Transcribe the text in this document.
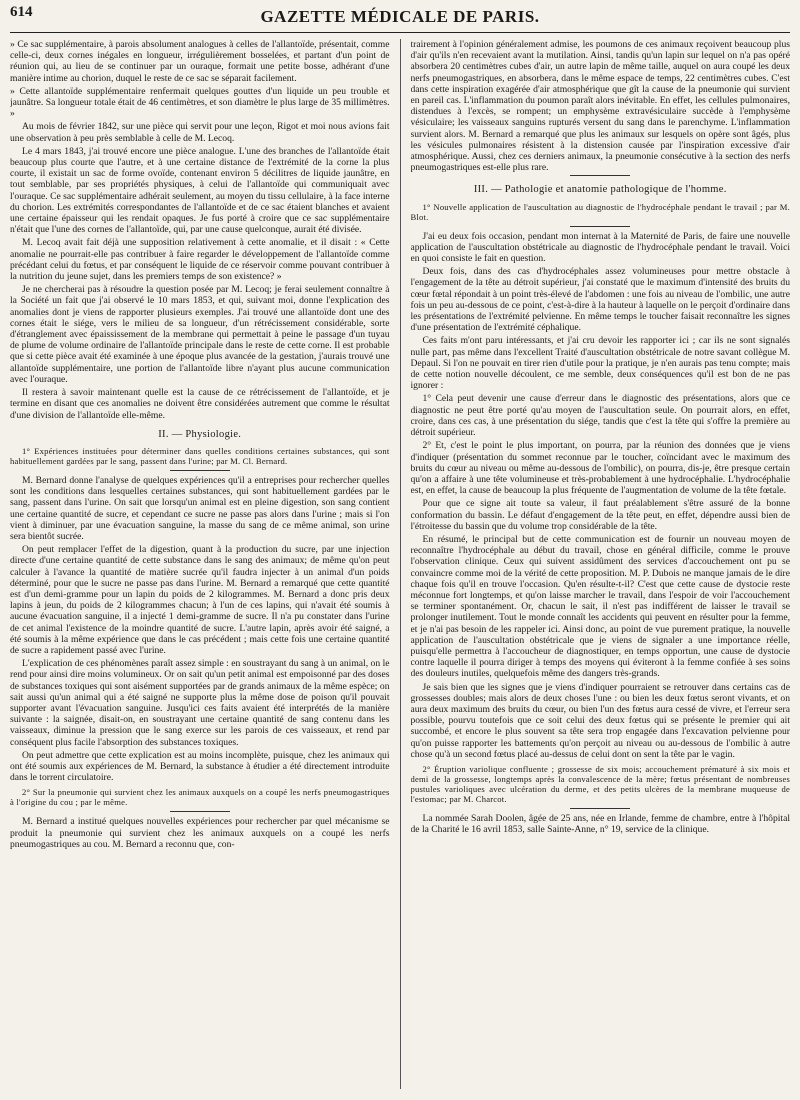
614	GAZETTE MÉDICALE DE PARIS.

» Ce sac supplémentaire, à parois absolument analogues à celles de l'allantoïde, présentait, comme celle-ci, deux cornes inégales en longueur, irrégulièrement bosselées, et partant d'un point de réunion qui, au lieu de se continuer par un ouraque, formait une petite bosse, adhérant d'une manière intime au chorion, duquel le reste de ce sac se séparait facilement.

» Cette allantoïde supplémentaire renfermait quelques gouttes d'un liquide un peu trouble et jaunâtre. Sa longueur totale était de 46 centimètres, et son diamètre le plus large de 35 millimètres. »

Au mois de février 1842, sur une pièce qui servit pour une leçon, Rigot et moi nous avions fait une observation à peu près semblable à celle de M. Lecoq.

Le 4 mars 1843, j'ai trouvé encore une pièce analogue. L'une des branches de l'allantoïde était beaucoup plus courte que l'autre, et à une certaine distance de l'extrémité de la corne la plus courte, il existait un sac de forme ovoïde, contenant environ 5 décilitres de liquide jaunâtre, en tout semblable, par ses propriétés physiques, à celui de l'allantoïde qui communiquait avec l'ouraque. Ce sac supplémentaire adhérait seulement, au moyen du tissu cellulaire, à la face interne du chorion. Les extrémités correspondantes de l'allantoïde et de ce sac étaient blanches et avaient une certaine épaisseur qui les rendait opaques. Je fus porté à croire que ce sac supplémentaire n'était que l'une des cornes de l'allantoïde, qui, par une cause quelconque, aurait été divisée.

M. Lecoq avait fait déjà une supposition relativement à cette anomalie, et il disait : « Cette anomalie ne pourrait-elle pas contribuer à faire regarder le développement de l'allantoïde comme précédant celui du fœtus, et par conséquent le liquide de ce réservoir comme pouvant contribuer à la nutrition du jeune sujet, dans les premiers temps de son existence? »

Je ne chercherai pas à résoudre la question posée par M. Lecoq; je ferai seulement connaître à la Société un fait que j'ai observé le 10 mars 1853, et qui, suivant moi, donne l'explication des anomalies dont je viens de rapporter plusieurs exemples. J'ai trouvé une allantoïde dont une des cornes était le siége, vers le milieu de sa longueur, d'un rétrécissement considérable, sorte d'étranglement avec épaississement de la membrane qui permettait à peine le passage d'un tuyau de plume de volume ordinaire de l'allantoïde principale dans le reste de cette corne. Il est probable que si cette pièce avait été examinée à une époque plus avancée de la gestation, j'aurais trouvé une allantoïde supplémentaire, une portion de l'allantoïde libre n'ayant plus aucune communication avec l'ouraque.

Il restera à savoir maintenant quelle est la cause de ce rétrécissement de l'allantoïde, et je termine en disant que ces anomalies ne doivent être considérées autrement que comme le résultat d'une division de l'allantoïde elle-même.

II. — Physiologie.
1° Expériences instituées pour déterminer dans quelles conditions certaines substances, qui sont habituellement gardées par le sang, passent dans l'urine; par M. Cl. Bernard.

M. Bernard donne l'analyse de quelques expériences qu'il a entreprises pour rechercher quelles sont les conditions dans lesquelles certaines substances, qui sont habituellement gardées par le sang, passent dans l'urine. On sait que lorsqu'un animal est en pleine digestion, son sang contient une certaine quantité de sucre, et cependant ce sucre ne passe pas alors dans l'urine ; mais si l'on vient à diminuer, par une évacuation sanguine, la masse du sang de ce même animal, son urine sera bientôt sucrée.

On peut remplacer l'effet de la digestion, quant à la production du sucre, par une injection directe d'une certaine quantité de cette substance dans le sang des animaux; de même qu'on peut calculer à l'avance la quantité de matière sucrée qu'il faudra injecter à un animal d'un poids déterminé, pour que le sucre ne passe pas dans l'urine. M. Bernard a remarqué que cette quantité est d'un demi-gramme pour un lapin du poids de 2 kilogrammes. M. Bernard a donc pris deux lapins à jeun, du poids de 2 kilogrammes chacun; à l'un de ces lapins, qui n'avait été soumis à aucune évacuation sanguine, il a injecté 1 demi-gramme de sucre. Il n'a pu constater dans l'urine de cet animal l'existence de la moindre quantité de sucre. L'autre lapin, après avoir été saigné, a été soumis à la même expérience que dans le cas précédent ; mais cette fois une certaine quantité de sucre a rapidement passé avec l'urine.

L'explication de ces phénomènes paraît assez simple : en soustrayant du sang à un animal, on le rend pour ainsi dire moins volumineux. Or on sait qu'un petit animal est empoisonné par des doses de substances toxiques qui sont aisément supportées par de grands animaux de la même espèce; on sait aussi qu'un animal qui a été saigné ne supporte plus la même dose de poison qu'il pouvait supporter avant l'évacuation sanguine. Jusqu'ici ces faits avaient été interprétés de la manière suivante : la saignée, disait-on, en soustrayant une certaine quantité de sang contenu dans les vaisseaux, diminue la pression que le sang exerce sur les parois de ces vaisseaux, et rend par conséquent plus facile l'absorption des substances toxiques.

On peut admettre que cette explication est au moins incomplète, puisque, chez les animaux qui ont été soumis aux expériences de M. Bernard, la substance à étudier a été directement introduite dans le torrent circulatoire.

2° Sur la pneumonie qui survient chez les animaux auxquels on a coupé les nerfs pneumogastriques à l'origine du cou ; par le même.

M. Bernard a institué quelques nouvelles expériences pour rechercher par quel mécanisme se produit la pneumonie qui survient chez les animaux auxquels on a coupé les nerfs pneumogastriques au cou. M. Bernard a reconnu que, con-

trairement à l'opinion généralement admise, les poumons de ces animaux reçoivent beaucoup plus d'air qu'ils n'en recevaient avant la mutilation. Ainsi, tandis qu'un lapin sur lequel on n'a pas opéré absorbera 20 centimètres cubes d'air, un autre lapin de même taille, auquel on aura coupé les deux nerfs pneumogastriques, en absorbera, dans le même espace de temps, 22 centimètres cubes. C'est dans cette inspiration exagérée d'air atmosphérique que gît la cause de la pneumonie qui survient en pareil cas. L'inflammation du poumon paraît alors inévitable. En effet, les cellules pulmonaires, distendues à l'excès, se rompent; un emphysème extravésiculaire succède à l'emphysème vésiculaire; les vaisseaux sanguins rupturés versent du sang dans le parenchyme. L'inflammation survient alors. M. Bernard a remarqué que plus les animaux sur lesquels on opère sont âgés, plus les vésicules pulmonaires résistent à la distension causée par l'inspiration excessive d'air atmosphérique. Aussi, chez ces derniers animaux, la pneumonie consécutive à la section des nerfs pneumogastriques est-elle plus rare.

III. — Pathologie et anatomie pathologique de l'homme.
1° Nouvelle application de l'auscultation au diagnostic de l'hydrocéphale pendant le travail ; par M. Blot.

J'ai eu deux fois occasion, pendant mon internat à la Maternité de Paris, de faire une nouvelle application de l'auscultation obstétricale au diagnostic de l'hydrocéphale pendant le travail. Voici en quoi consiste le fait en question.

Deux fois, dans des cas d'hydrocéphales assez volumineuses pour mettre obstacle à l'engagement de la tête au détroit supérieur, j'ai constaté que le maximum d'intensité des bruits du cœur fœtal répondait à un point très-élevé de l'abdomen : une fois au niveau de l'ombilic, une autre fois un peu au-dessous de ce point, c'est-à-dire à la hauteur à laquelle on le perçoit d'ordinaire dans les présentations de l'extrémité pelvienne. En même temps le toucher faisait reconnaître les signes d'une présentation de l'extrémité céphalique.

Ces faits m'ont paru intéressants, et j'ai cru devoir les rapporter ici ; car ils ne sont signalés nulle part, pas même dans l'excellent Traité d'auscultation obstétricale de notre savant collègue M. Depaul. Si l'on ne pouvait en tirer rien d'utile pour la pratique, je n'en aurais pas tenu compte; mais de cette notion nouvelle découlent, ce me semble, deux conséquences qu'il est bon de ne pas ignorer :

1° Cela peut devenir une cause d'erreur dans le diagnostic des présentations, alors que ce diagnostic ne peut être porté qu'au moyen de l'auscultation seule. On pourrait alors, en effet, croire, dans ces cas, à une présentation du siége, tandis que c'est la tête qui s'offre la première au détroit supérieur.

2° Et, c'est le point le plus important, on pourra, par la réunion des données que je viens d'indiquer (présentation du sommet reconnue par le toucher, coïncidant avec le maximum des bruits du cœur au niveau ou même au-dessous de l'ombilic), on pourra, dis-je, être presque certain qu'on a affaire à une tête volumineuse et très-probablement à une hydrocéphalie. L'hydrocéphalie est, en effet, la cause de beaucoup la plus fréquente de l'augmentation de volume de la tête fœtale.

Pour que ce signe ait toute sa valeur, il faut préalablement s'être assuré de la bonne conformation du bassin. Le défaut d'engagement de la tête peut, en effet, dépendre aussi bien de l'étroitesse du bassin que du volume trop considérable de la tête.

En résumé, le principal but de cette communication est de fournir un nouveau moyen de reconnaître l'hydrocéphale au début du travail, chose en général difficile, comme le prouve l'observation clinique. Ceux qui suivent assidûment des services d'accouchement ont pu se convaincre comme moi de la vérité de cette proposition. M. P. Dubois ne manque jamais de le dire chaque fois qu'il en trouve l'occasion. Qu'en résulte-t-il? C'est que cette cause de dystocie reste méconnue fort longtemps, et qu'on laisse marcher le travail, dans l'espoir de voir l'accouchement se terminer spontanément. Or, chacun le sait, il n'est pas indifférent de laisser le travail se prolonger inutilement. Tout le monde connaît les accidents qui peuvent en résulter pour la femme, et je n'ai pas besoin de les rappeler ici. Ainsi donc, au point de vue purement pratique, la nouvelle application de l'auscultation obstétricale que je viens de signaler a une importance réelle, puisqu'elle permettra à l'accoucheur de diagnostiquer, en temps opportun, une cause de dystocie contre laquelle il pourra diriger à temps des moyens qui éviteront à la femme confiée à ses soins des douleurs inutiles, quelquefois même des dangers très-grands.

Je sais bien que les signes que je viens d'indiquer pourraient se retrouver dans certains cas de grossesses doubles; mais alors de deux choses l'une : ou bien les deux fœtus seront vivants, et on aura deux maximum des bruits du cœur, ou bien l'un des fœtus aura cessé de vivre, et l'erreur sera possible, pourvu toutefois que ce soit celui des deux fœtus qui se présente le premier qui ait succombé, et encore le plus souvent sa tête sera trop engagée dans l'excavation pelvienne pour qu'on puisse rapporter les battements qu'on perçoit au niveau ou au-dessous de l'ombilic à autre chose qu'à un second fœtus placé au-dessus de celui dont on sent la tête par le vagin.

2° Éruption variolique confluente ; grossesse de six mois; accouchement prématuré à six mois et demi de la grossesse, longtemps après la convalescence de la mère; fœtus présentant de nombreuses pustules varioliques avec ulcération du derme, et des petits ulcères de la membrane muqueuse de l'estomac; par M. Charcot.

La nommée Sarah Doolen, âgée de 25 ans, née en Irlande, femme de chambre, entre à l'hôpital de la Charité le 16 avril 1853, salle Sainte-Anne, n° 19, service de la clinique.
